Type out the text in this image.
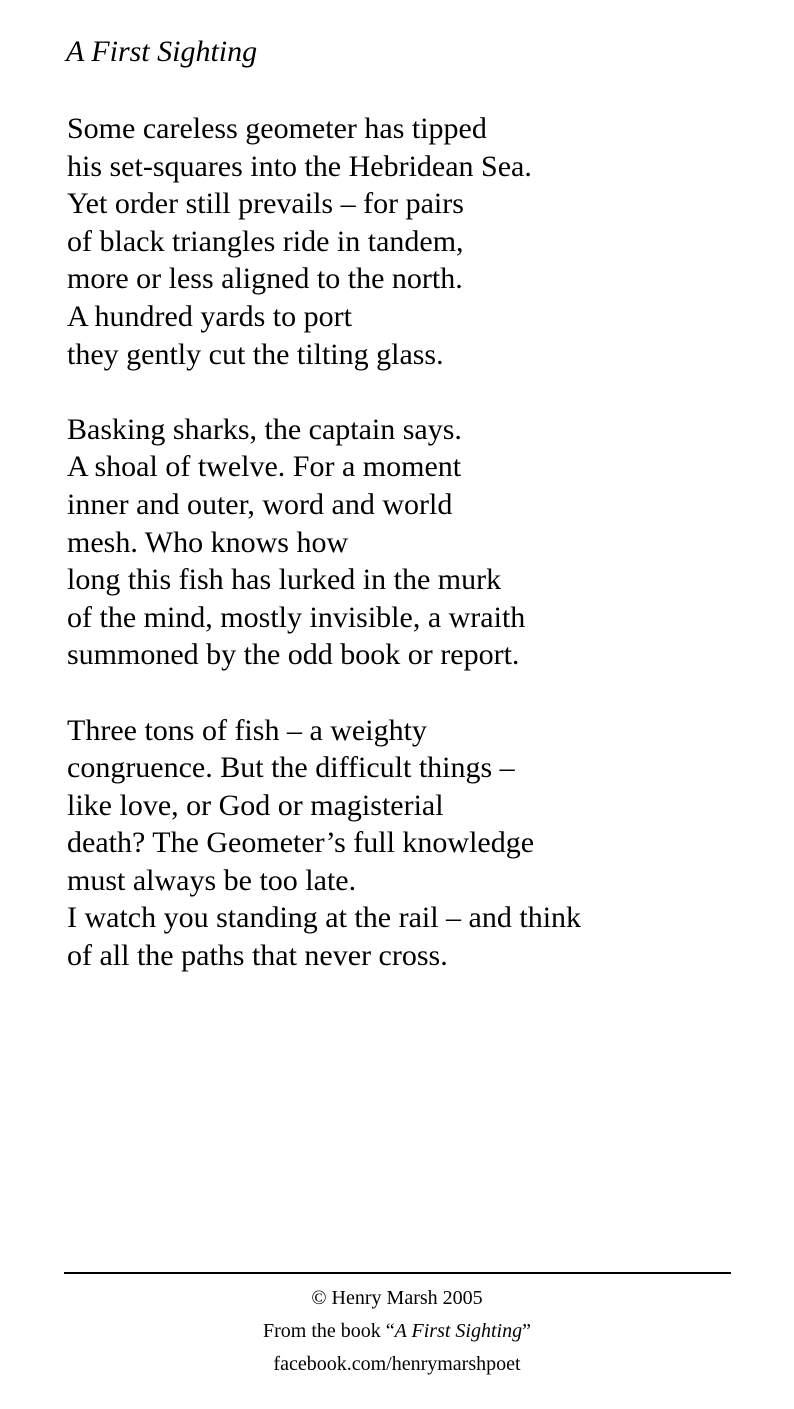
A First Sighting
Some careless geometer has tipped
his set-squares into the Hebridean Sea.
Yet order still prevails – for pairs
of black triangles ride in tandem,
more or less aligned to the north.
A hundred yards to port
they gently cut the tilting glass.
Basking sharks, the captain says.
A shoal of twelve. For a moment
inner and outer, word and world
mesh. Who knows how
long this fish has lurked in the murk
of the mind, mostly invisible, a wraith
summoned by the odd book or report.
Three tons of fish – a weighty
congruence. But the difficult things –
like love, or God or magisterial
death? The Geometer’s full knowledge
must always be too late.
I watch you standing at the rail – and think
of all the paths that never cross.
© Henry Marsh 2005
From the book “A First Sighting”
facebook.com/henrymarshpoet
